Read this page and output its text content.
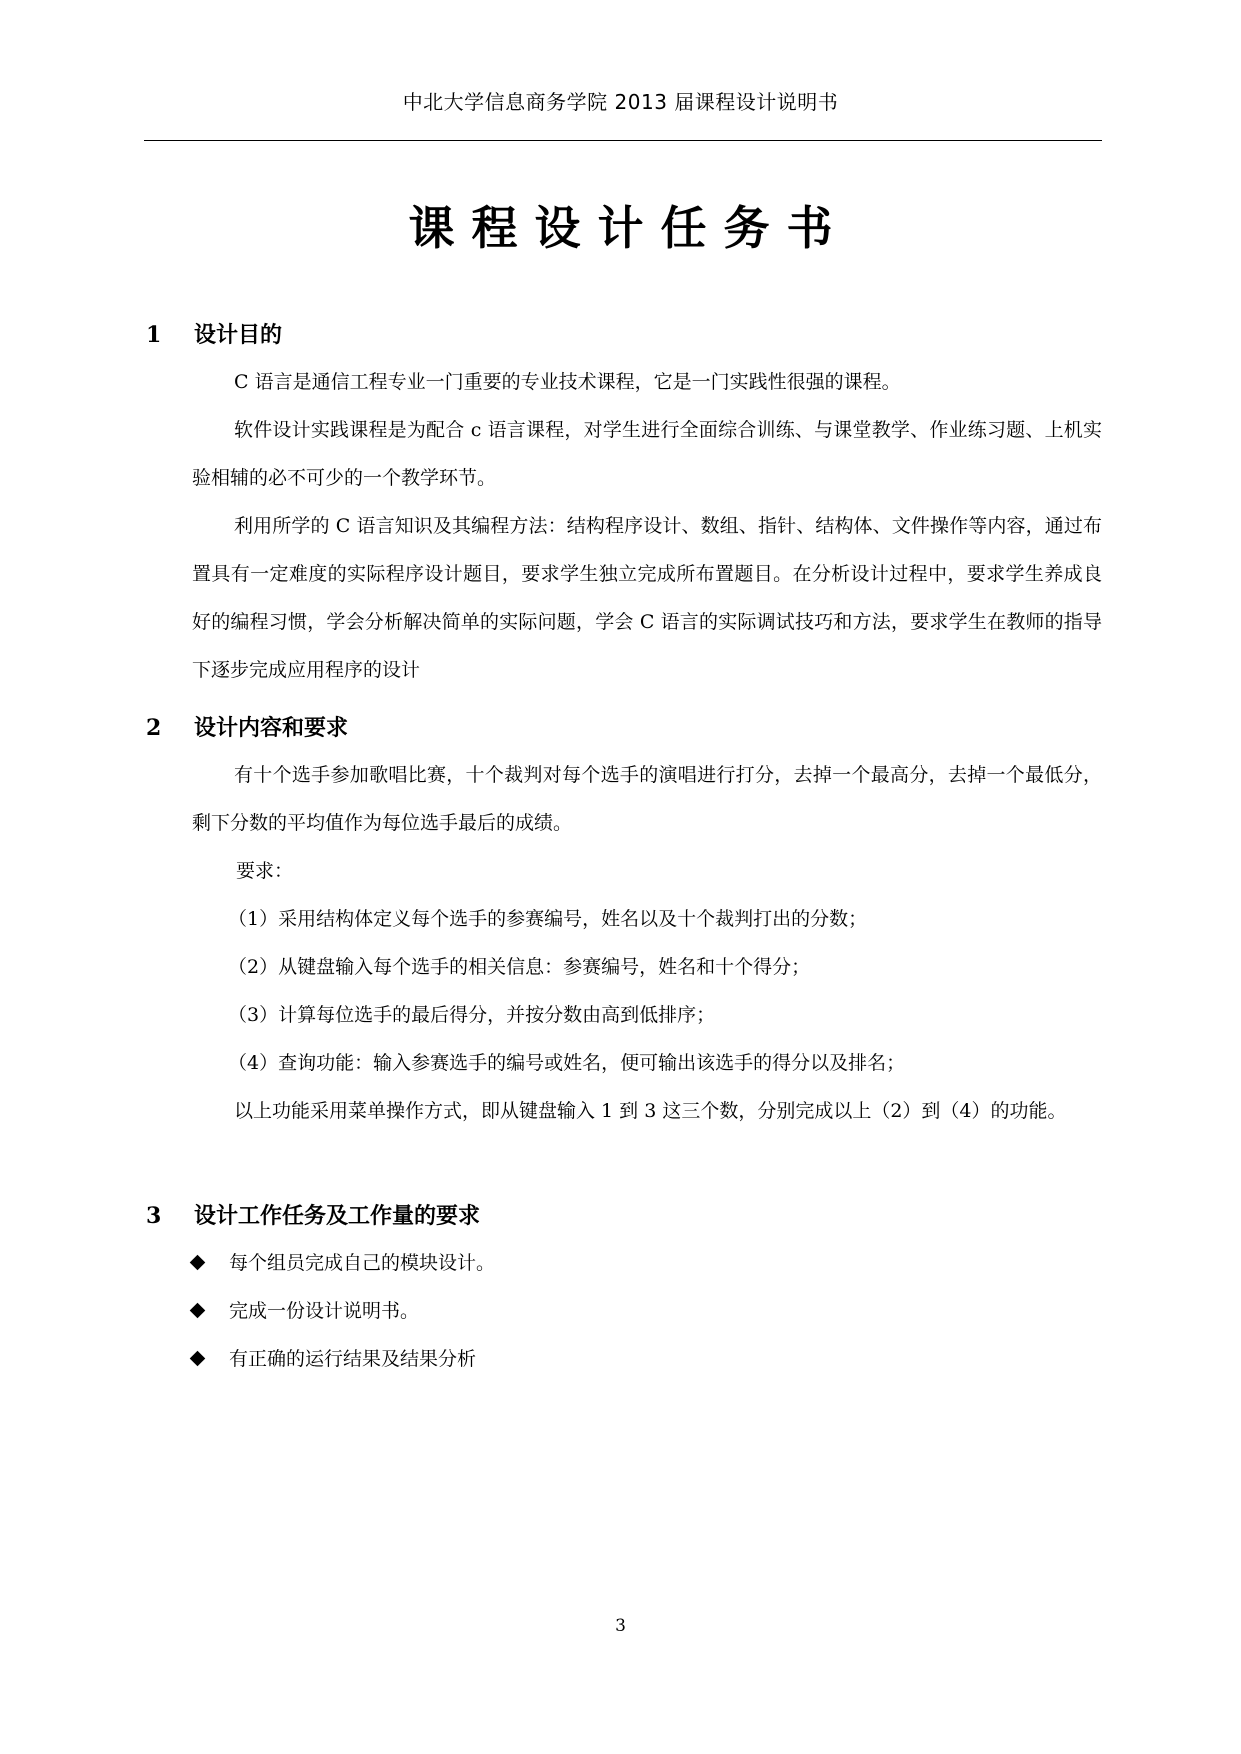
中北大学信息商务学院 2013 届课程设计说明书
课程设计任务书
1 设计目的
C 语言是通信工程专业一门重要的专业技术课程，它是一门实践性很强的课程。
软件设计实践课程是为配合 c 语言课程，对学生进行全面综合训练、与课堂教学、作业练习题、上机实验相辅的必不可少的一个教学环节。
利用所学的 C 语言知识及其编程方法：结构程序设计、数组、指针、结构体、文件操作等内容，通过布置具有一定难度的实际程序设计题目，要求学生独立完成所布置题目。在分析设计过程中，要求学生养成良好的编程习惯，学会分析解决简单的实际问题，学会 C 语言的实际调试技巧和方法，要求学生在教师的指导下逐步完成应用程序的设计
2 设计内容和要求
有十个选手参加歌唱比赛，十个裁判对每个选手的演唱进行打分，去掉一个最高分，去掉一个最低分，剩下分数的平均值作为每位选手最后的成绩。
要求：
（1）采用结构体定义每个选手的参赛编号，姓名以及十个裁判打出的分数；
（2）从键盘输入每个选手的相关信息：参赛编号，姓名和十个得分；
（3）计算每位选手的最后得分，并按分数由高到低排序；
（4）查询功能：输入参赛选手的编号或姓名，便可输出该选手的得分以及排名；
以上功能采用菜单操作方式，即从键盘输入 1 到 3 这三个数，分别完成以上（2）到（4）的功能。
3 设计工作任务及工作量的要求
每个组员完成自己的模块设计。
完成一份设计说明书。
有正确的运行结果及结果分析
3
